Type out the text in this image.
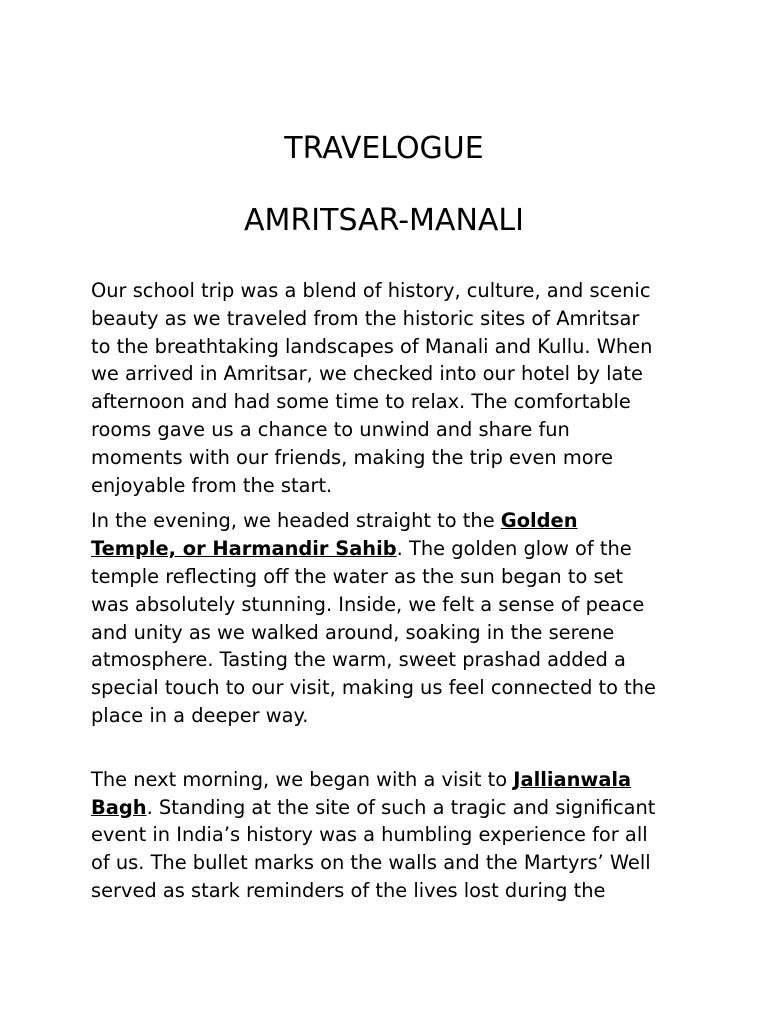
TRAVELOGUE
AMRITSAR-MANALI

Our school trip was a blend of history, culture, and scenic
beauty as we traveled from the historic sites of Amritsar
to the breathtaking landscapes of Manali and Kullu. When
we arrived in Amritsar, we checked into our hotel by late
afternoon and had some time to relax. The comfortable
rooms gave us a chance to unwind and share fun
moments with our friends, making the trip even more
enjoyable from the start.

In the evening, we headed straight to the Golden
Temple, or Harmandir Sahib. The golden glow of the
temple reflecting off the water as the sun began to set
was absolutely stunning. Inside, we felt a sense of peace
and unity as we walked around, soaking in the serene
atmosphere. Tasting the warm, sweet prashad added a
special touch to our visit, making us feel connected to the
place in a deeper way.

The next morning, we began with a visit to Jallianwala
Bagh. Standing at the site of such a tragic and significant
event in India’s history was a humbling experience for all
of us. The bullet marks on the walls and the Martyrs’ Well
served as stark reminders of the lives lost during the
